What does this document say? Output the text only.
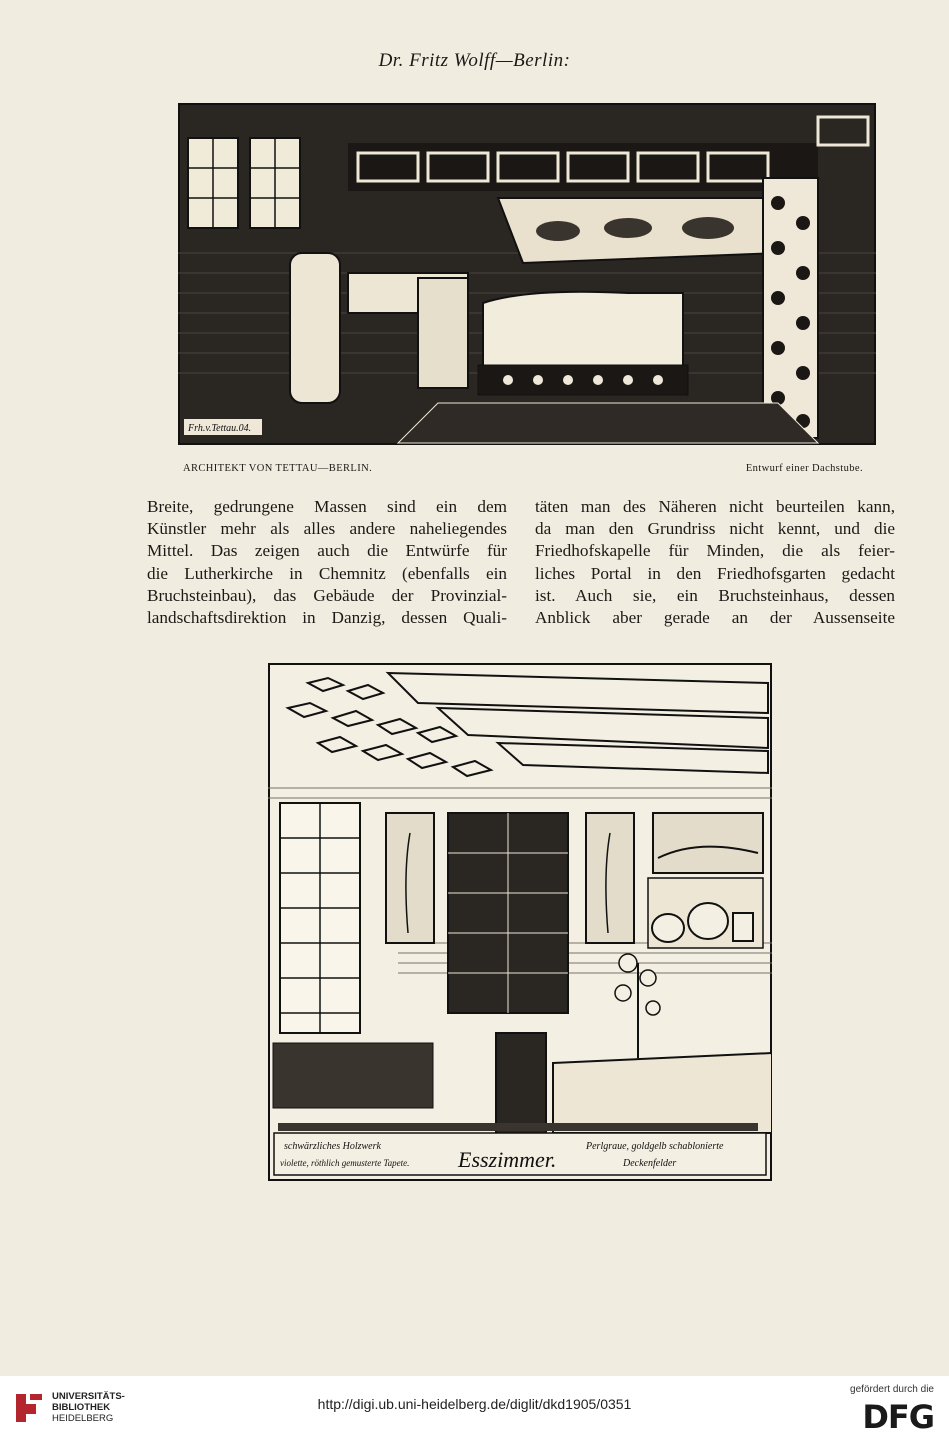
Dr. Fritz Wolff—Berlin:
Frh.v.Tettau.04.
ARCHITEKT VON TETTAU—BERLIN.	Entwurf einer Dachstube.
Breite, gedrungene Massen sind ein dem
Künstler mehr als alles andere naheliegendes
Mittel. Das zeigen auch die Entwürfe für
die Lutherkirche in Chemnitz (ebenfalls ein
Bruchsteinbau), das Gebäude der Provinzial-
landschaftsdirektion in Danzig, dessen Quali-
täten man des Näheren nicht beurteilen kann,
da man den Grundriss nicht kennt, und die
Friedhofskapelle für Minden, die als feier-
liches Portal in den Friedhofsgarten gedacht
ist. Auch sie, ein Bruchsteinhaus, dessen
Anblick aber gerade an der Aussenseite
schwärzliches Holzwerk
violette, röthlich gemusterte Tapete. Esszimmer.
Perlgraue, goldgelb schablonierte
Deckenfelder
UNIVERSITÄTS-
BIBLIOTHEK
HEIDELBERG
http://digi.ub.uni-heidelberg.de/diglit/dkd1905/0351
gefördert durch die
DFG
